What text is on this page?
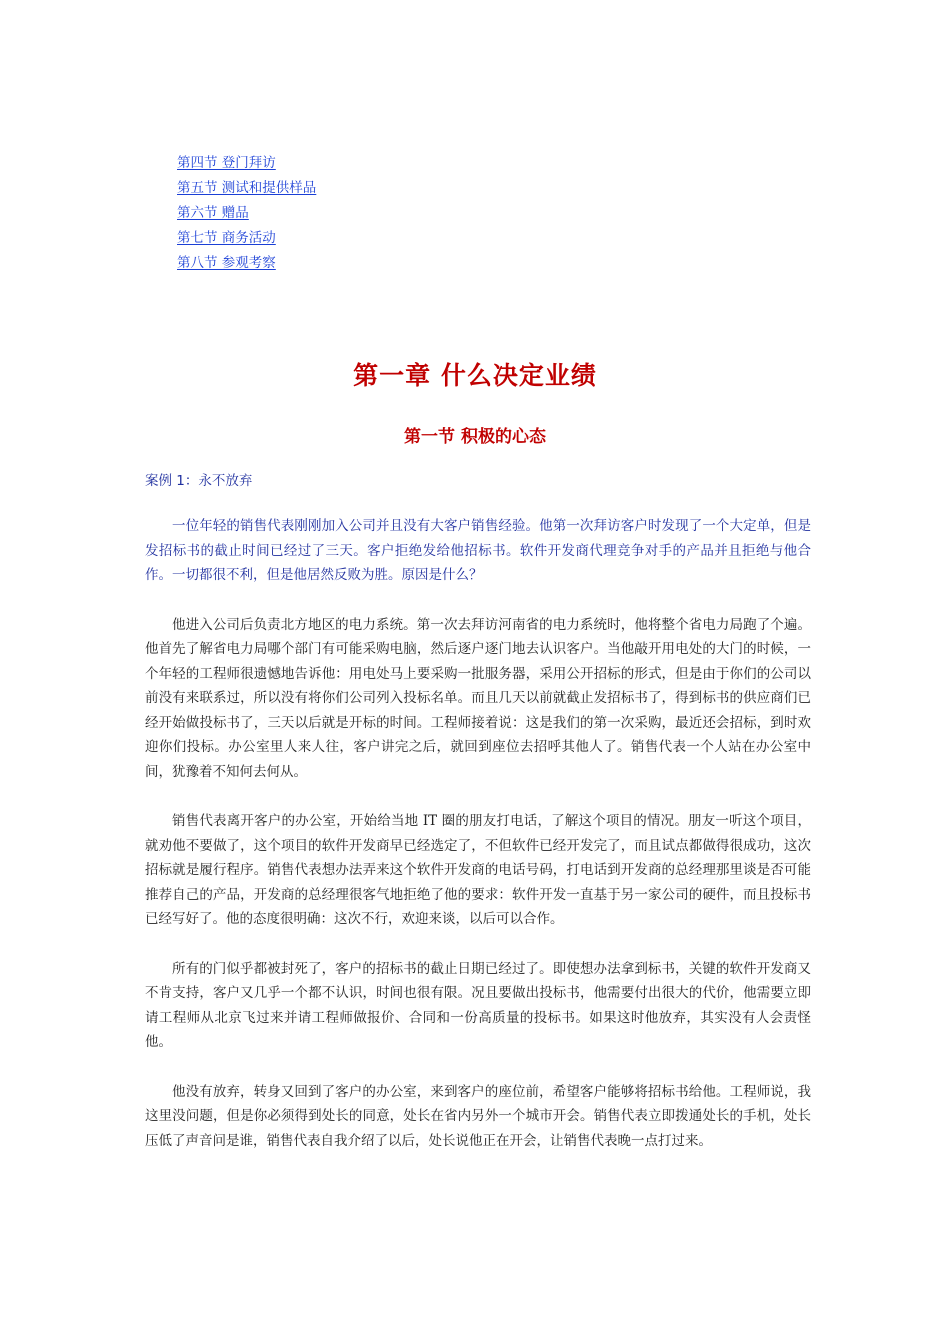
第四节 登门拜访
第五节 测试和提供样品
第六节 赠品
第七节 商务活动
第八节 参观考察
第一章 什么决定业绩
第一节 积极的心态
案例 1：永不放弃

一位年轻的销售代表刚刚加入公司并且没有大客户销售经验。他第一次拜访客户时发现了一个大定单，但是发招标书的截止时间已经过了三天。客户拒绝发给他招标书。软件开发商代理竞争对手的产品并且拒绝与他合作。一切都很不利，但是他居然反败为胜。原因是什么？

他进入公司后负责北方地区的电力系统。第一次去拜访河南省的电力系统时，他将整个省电力局跑了个遍。他首先了解省电力局哪个部门有可能采购电脑，然后逐户逐门地去认识客户。当他敲开用电处的大门的时候，一个年轻的工程师很遗憾地告诉他：用电处马上要采购一批服务器，采用公开招标的形式，但是由于你们的公司以前没有来联系过，所以没有将你们公司列入投标名单。而且几天以前就截止发招标书了，得到标书的供应商们已经开始做投标书了，三天以后就是开标的时间。工程师接着说：这是我们的第一次采购，最近还会招标，到时欢迎你们投标。办公室里人来人往，客户讲完之后，就回到座位去招呼其他人了。销售代表一个人站在办公室中间，犹豫着不知何去何从。

销售代表离开客户的办公室，开始给当地 IT 圈的朋友打电话，了解这个项目的情况。朋友一听这个项目，就劝他不要做了，这个项目的软件开发商早已经选定了，不但软件已经开发完了，而且试点都做得很成功，这次招标就是履行程序。销售代表想办法弄来这个软件开发商的电话号码，打电话到开发商的总经理那里谈是否可能推荐自己的产品，开发商的总经理很客气地拒绝了他的要求：软件开发一直基于另一家公司的硬件，而且投标书已经写好了。他的态度很明确：这次不行，欢迎来谈，以后可以合作。

所有的门似乎都被封死了，客户的招标书的截止日期已经过了。即使想办法拿到标书，关键的软件开发商又不肯支持，客户又几乎一个都不认识，时间也很有限。况且要做出投标书，他需要付出很大的代价，他需要立即请工程师从北京飞过来并请工程师做报价、合同和一份高质量的投标书。如果这时他放弃，其实没有人会责怪他。

他没有放弃，转身又回到了客户的办公室，来到客户的座位前，希望客户能够将招标书给他。工程师说，我这里没问题，但是你必须得到处长的同意，处长在省内另外一个城市开会。销售代表立即拨通处长的手机，处长压低了声音问是谁，销售代表自我介绍了以后，处长说他正在开会，让销售代表晚一点打过来。
